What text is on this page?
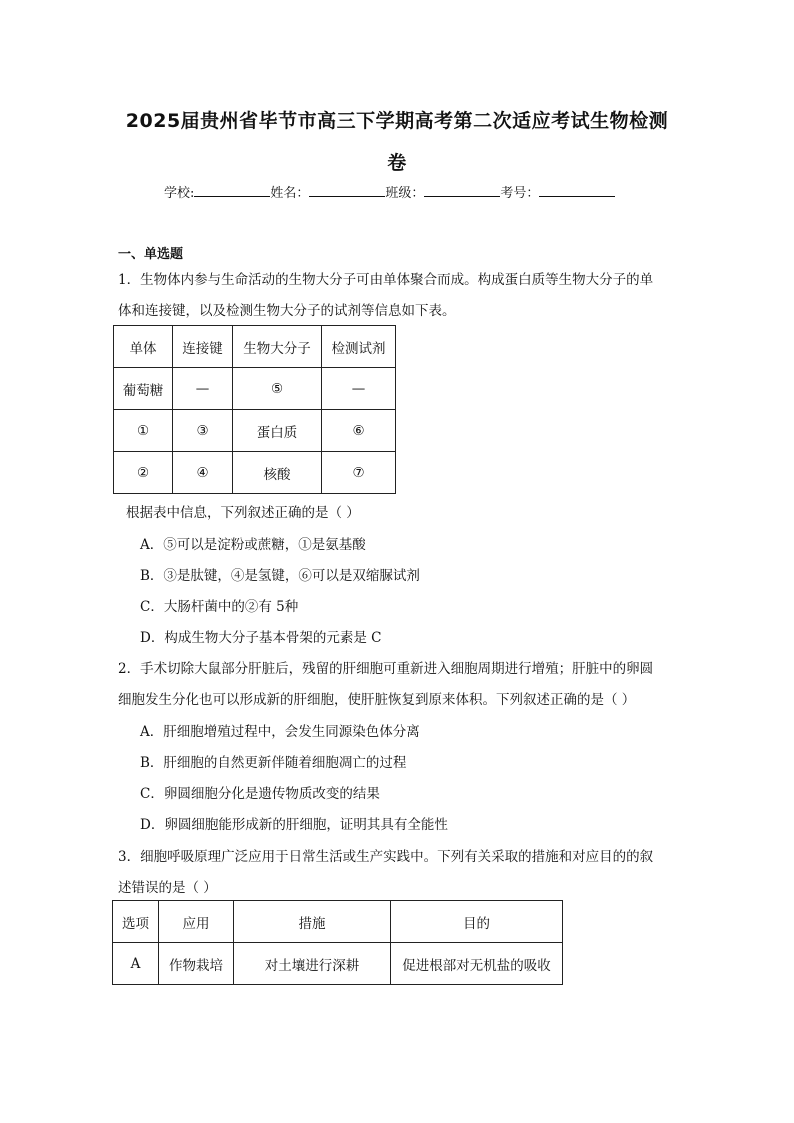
2025届贵州省毕节市高三下学期高考第二次适应考试生物检测
卷
学校:	姓名：	班级：	考号：
一、单选题
1．生物体内参与生命活动的生物大分子可由单体聚合而成。构成蛋白质等生物大分子的单
体和连接键，以及检测生物大分子的试剂等信息如下表。
单体	连接键	生物大分子	检测试剂
葡萄糖	—	⑤	—
①	③	蛋白质	⑥
②	④	核酸	⑦
根据表中信息，下列叙述正确的是（ ）
A．⑤可以是淀粉或蔗糖，①是氨基酸
B．③是肽键，④是氢键，⑥可以是双缩脲试剂
C．大肠杆菌中的②有 5种
D．构成生物大分子基本骨架的元素是 C
2．手术切除大鼠部分肝脏后，残留的肝细胞可重新进入细胞周期进行增殖；肝脏中的卵圆
细胞发生分化也可以形成新的肝细胞，使肝脏恢复到原来体积。下列叙述正确的是（ ）
A．肝细胞增殖过程中，会发生同源染色体分离
B．肝细胞的自然更新伴随着细胞凋亡的过程
C．卵圆细胞分化是遗传物质改变的结果
D．卵圆细胞能形成新的肝细胞，证明其具有全能性
3．细胞呼吸原理广泛应用于日常生活或生产实践中。下列有关采取的措施和对应目的的叙
述错误的是（ ）
选项	应用	措施	目的
A	作物栽培	对土壤进行深耕	促进根部对无机盐的吸收
